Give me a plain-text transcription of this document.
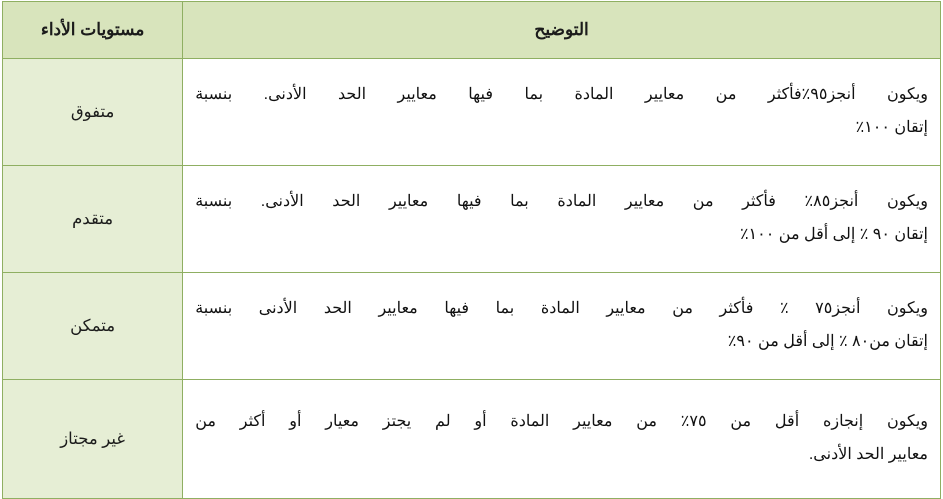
التوضيح	مستويات الأداء

ويكون أنجز٩٥٪فأكثر من معايير المادة بما فيها معايير الحد الأدنى. بنسبة

إتقان ١٠٠٪	متفوق

ويكون أنجز٨٥٪ فأكثر من معايير المادة بما فيها معايير الحد الأدنى. بنسبة

إتقان ٩٠ ٪ إلى أقل من ١٠٠٪	متقدم

ويكون أنجز٧٥ ٪ فأكثر من معايير المادة بما فيها معايير الحد الأدنى بنسبة

إتقان من٨٠ ٪ إلى أقل من ٩٠٪	متمكن

ويكون إنجازه أقل من ٧٥٪ من معايير المادة أو لم يجتز معيار أو أكثر من

معايير الحد الأدنى.	غير مجتاز
